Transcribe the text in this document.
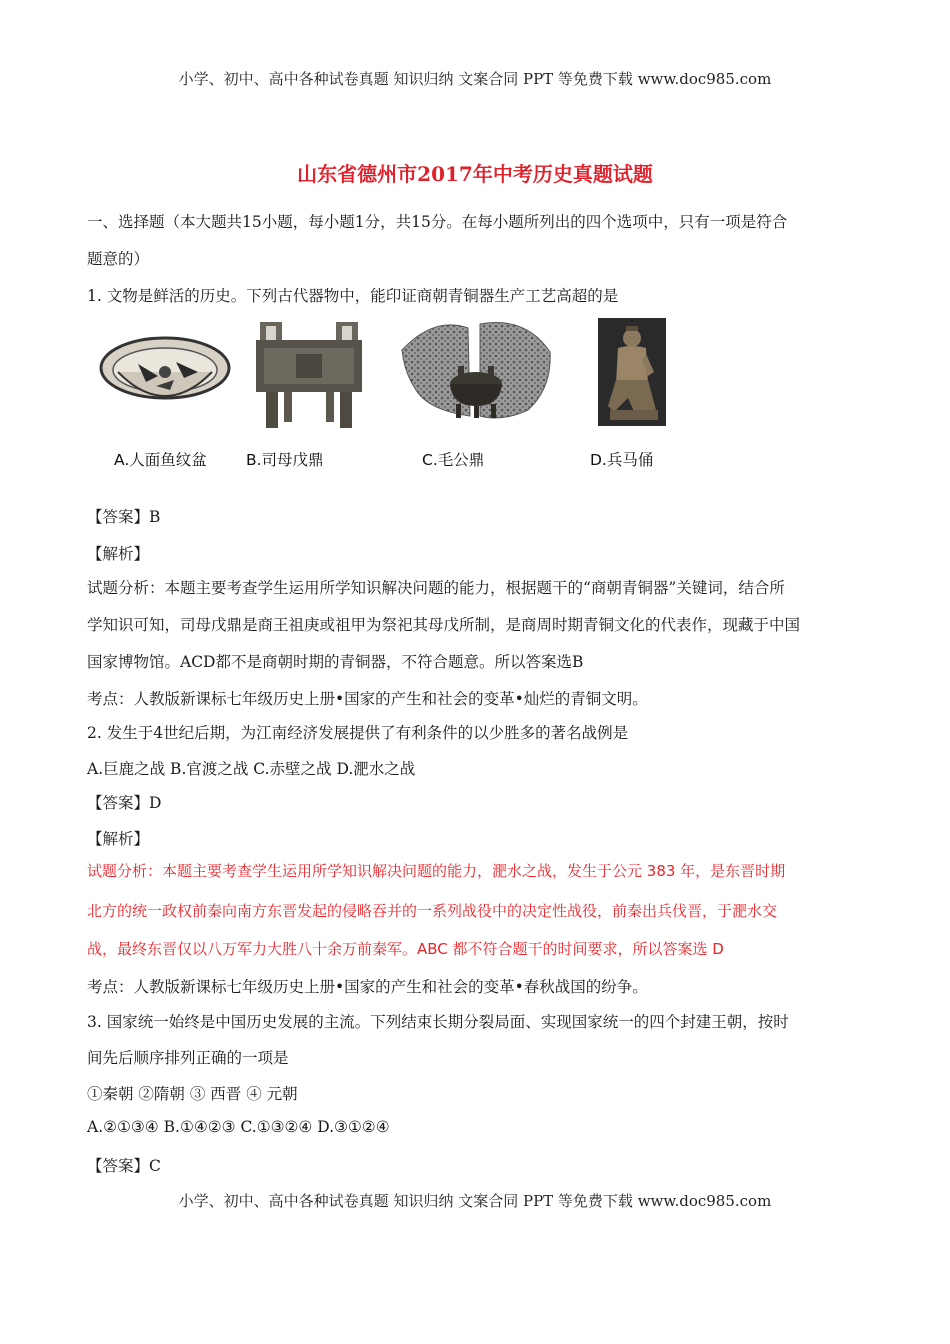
小学、初中、高中各种试卷真题 知识归纳 文案合同 PPT 等免费下载 www.doc985.com
山东省德州市2017年中考历史真题试题
一、选择题（本大题共15小题，每小题1分，共15分。在每小题所列出的四个选项中，只有一项是符合
题意的）
1. 文物是鲜活的历史。下列古代器物中，能印证商朝青铜器生产工艺高超的是
A.人面鱼纹盆	B.司母戊鼎	C.毛公鼎	D.兵马俑
【答案】B
【解析】
试题分析：本题主要考查学生运用所学知识解决问题的能力，根据题干的“商朝青铜器”关键词，结合所
学知识可知，司母戊鼎是商王祖庚或祖甲为祭祀其母戊所制，是商周时期青铜文化的代表作，现藏于中国
国家博物馆。ACD都不是商朝时期的青铜器，不符合题意。所以答案选B
考点：人教版新课标七年级历史上册•国家的产生和社会的变革•灿烂的青铜文明。
2. 发生于4世纪后期，为江南经济发展提供了有利条件的以少胜多的著名战例是
A.巨鹿之战 B.官渡之战 C.赤壁之战 D.淝水之战
【答案】D
【解析】
试题分析：本题主要考查学生运用所学知识解决问题的能力，淝水之战，发生于公元 383 年，是东晋时期
北方的统一政权前秦向南方东晋发起的侵略吞并的一系列战役中的决定性战役，前秦出兵伐晋，于淝水交
战，最终东晋仅以八万军力大胜八十余万前秦军。ABC 都不符合题干的时间要求，所以答案选 D
考点：人教版新课标七年级历史上册•国家的产生和社会的变革•春秋战国的纷争。
3. 国家统一始终是中国历史发展的主流。下列结束长期分裂局面、实现国家统一的四个封建王朝，按时
间先后顺序排列正确的一项是
①秦朝 ②隋朝 ③ 西晋 ④ 元朝
A.②①③④ B.①④②③ C.①③②④ D.③①②④
【答案】C
小学、初中、高中各种试卷真题 知识归纳 文案合同 PPT 等免费下载 www.doc985.com
